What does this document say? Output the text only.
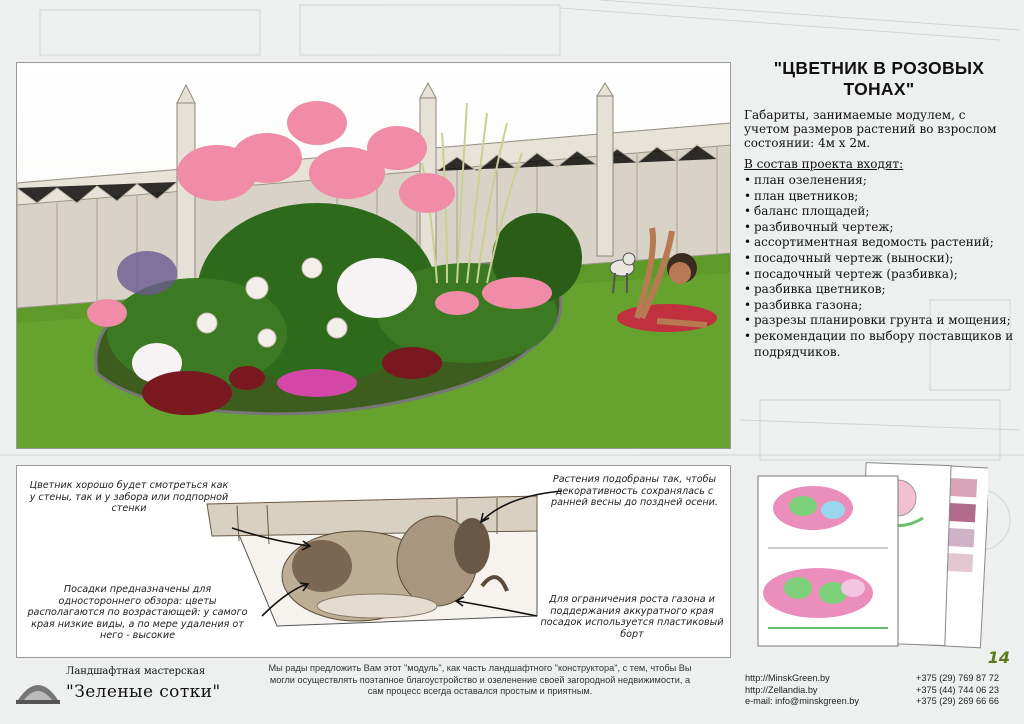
"ЦВЕТНИК В РОЗОВЫХ ТОНАХ"
Габариты, занимаемые модулем, с учетом размеров растений во взрослом состоянии: 4м х 2м.
В состав проекта входят:
• план озеленения;
• план цветников;
• баланс площадей;
• разбивочный чертеж;
• ассортиментная ведомость растений;
• посадочный чертеж (выноски);
• посадочный чертеж (разбивка);
• разбивка цветников;
• разбивка газона;
• разрезы планировки грунта и мощения;
• рекомендации по выбору поставщиков и подрядчиков.
Цветник хорошо будет смотреться как у стены, так и у забора или подпорной стенки
Растения подобраны так, чтобы декоративность сохранялась с ранней весны до поздней осени.
Посадки предназначены для одностороннего обзора: цветы располагаются по возрастающей: у самого края низкие виды, а по мере удаления от него - высокие
Для ограничения роста газона и поддержания аккуратного края посадок используется пластиковый борт
14
Ландшафтная мастерская
"Зеленые сотки"
Мы рады предложить Вам этот "модуль", как часть ландшафтного "конструктора", с тем, чтобы Вы могли осуществлять поэтапное благоустройство и озеленение своей загородной недвижимости, а сам процесс всегда оставался простым и приятным.
http://MinskGreen.by
http://Zellandia.by
e-mail: info@minskgreen.by
+375 (29) 769 87 72
+375 (44) 744 06 23
+375 (29) 269 66 66
